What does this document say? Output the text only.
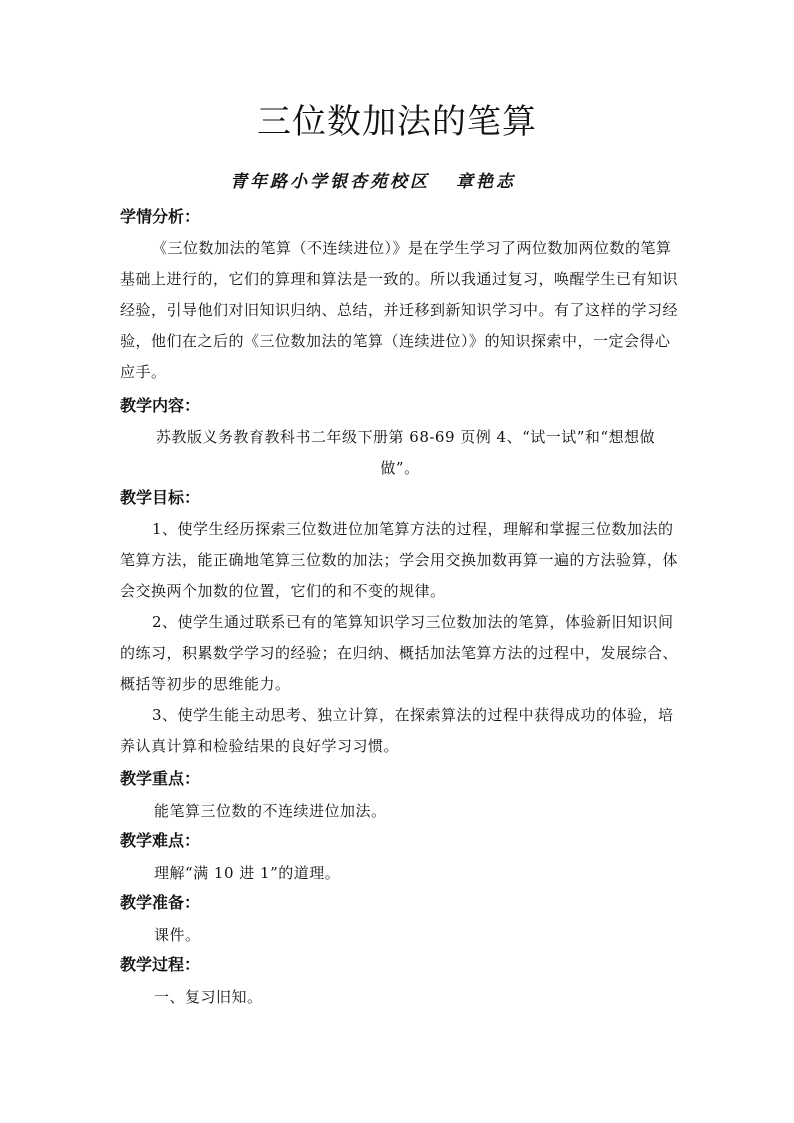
三位数加法的笔算
青年路小学银杏苑校区 章艳志
学情分析：
《三位数加法的笔算（不连续进位）》是在学生学习了两位数加两位数的笔算基础上进行的，它们的算理和算法是一致的。所以我通过复习，唤醒学生已有知识经验，引导他们对旧知识归纳、总结，并迁移到新知识学习中。有了这样的学习经验，他们在之后的《三位数加法的笔算（连续进位）》的知识探索中，一定会得心应手。
教学内容：
苏教版义务教育教科书二年级下册第 68-69 页例 4、“试一试”和“想想做
做”。
教学目标：
1、使学生经历探索三位数进位加笔算方法的过程，理解和掌握三位数加法的笔算方法，能正确地笔算三位数的加法；学会用交换加数再算一遍的方法验算，体会交换两个加数的位置，它们的和不变的规律。
2、使学生通过联系已有的笔算知识学习三位数加法的笔算，体验新旧知识间的练习，积累数学学习的经验；在归纳、概括加法笔算方法的过程中，发展综合、概括等初步的思维能力。
3、使学生能主动思考、独立计算，在探索算法的过程中获得成功的体验，培养认真计算和检验结果的良好学习习惯。
教学重点：
能笔算三位数的不连续进位加法。
教学难点：
理解“满 10 进 1”的道理。
教学准备：
课件。
教学过程：
一、复习旧知。
